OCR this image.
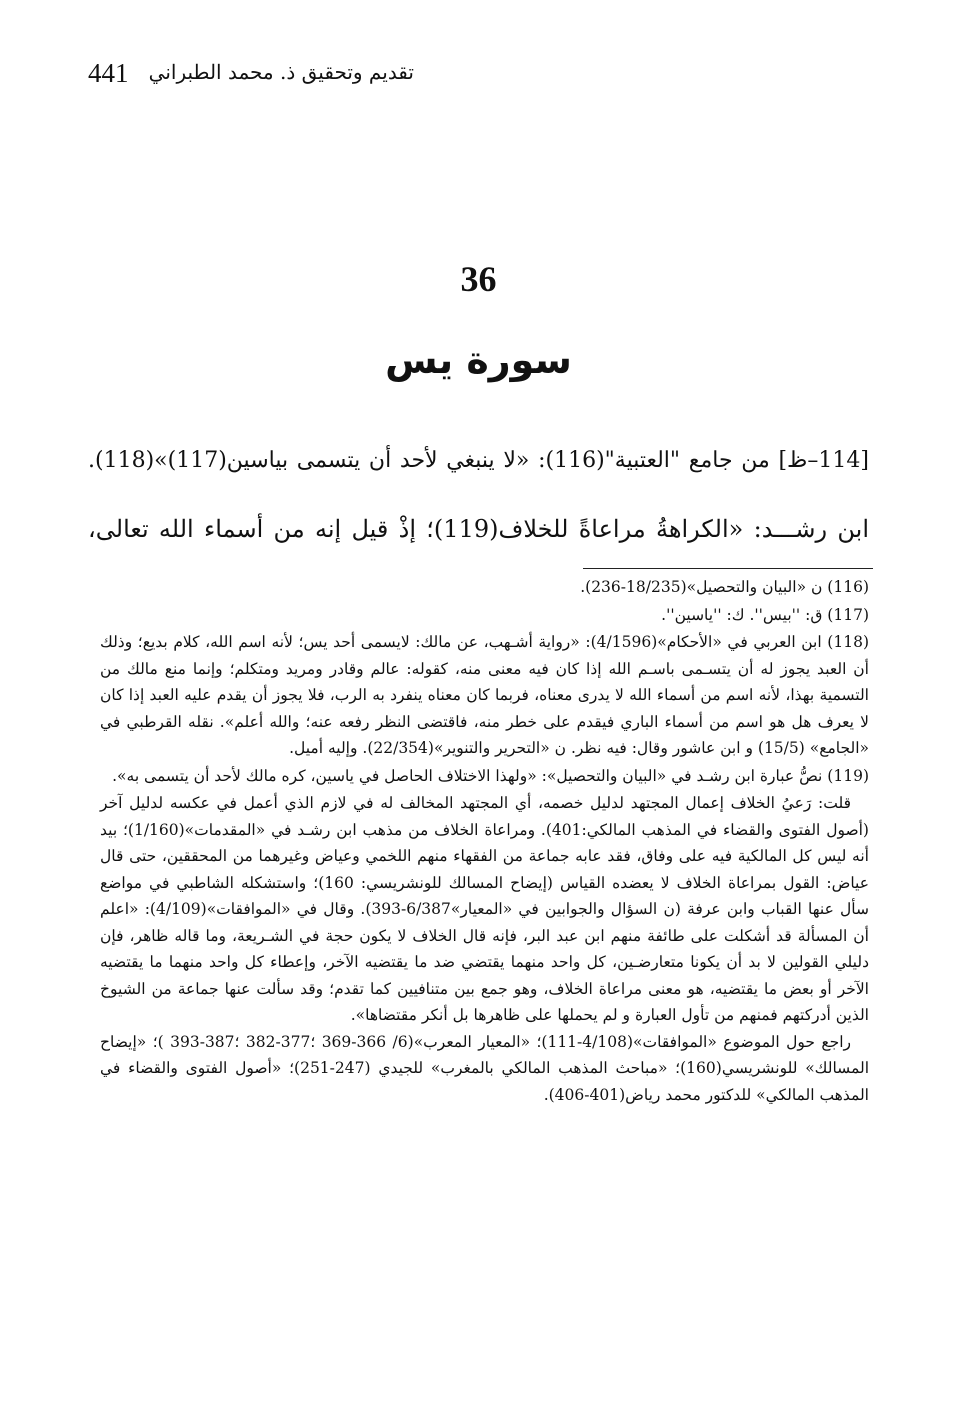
441 تقديم وتحقيق ذ. محمد الطبراني
36
سورة يس
[114–ظ] من جامع "العتبية"(116): «لا ينبغي لأحد أن يتسمى بياسين(117)»(118).
ابن رشـــد: «الكراهةُ مراعاةً للخلاف(119)؛ إذْ قيل إنه من أسماء الله تعالى،
(116) ن «البيان والتحصيل»(18/235-236).
(117) ق: ''بيس''. ك: ''ياسين''.
(118) ابن العربي في «الأحكام»(4/1596): «رواية أشـهب، عن مالك: لايسمى أحد يس؛ لأنه اسم الله، كلام بديع؛ وذلك أن العبد يجوز له أن يتسـمى باسـم الله إذا كان فيه معنى منه، كقوله: عالم وقادر ومريد ومتكلم؛ وإنما منع مالك من التسمية بهذا، لأنه اسم من أسماء الله لا يدرى معناه، فربما كان معناه ينفرد به الرب، فلا يجوز أن يقدم عليه العبد إذا كان لا يعرف هل هو اسم من أسماء الباري فيقدم على خطر منه، فاقتضى النظر رفعه عنه؛ والله أعلم». نقله القرطبي في «الجامع» (15/5) و ابن عاشور وقال: فيه نظر. ن «التحرير والتنوير»(22/354). وإليه أميل.
(119) نصُّ عبارة ابن رشـد في «البيان والتحصيل»: «ولهذا الاختلاف الحاصل في ياسين، كره مالك لأحد أن يتسمى به».

قلت: رَعيُ الخلاف إعمال المجتهد لدليل خصمه، أي المجتهد المخالف له في لازم الذي أعمل في عكسه لدليل آخر (أصول الفتوى والقضاء في المذهب المالكي:401). ومراعاة الخلاف من مذهب ابن رشـد في «المقدمات»(1/160)؛ بيد أنه ليس كل المالكية فيه على وفاق، فقد عابه جماعة من الفقهاء منهم اللخمي وعياض وغيرهما من المحققين، حتى قال عياض: القول بمراعاة الخلاف لا يعضده القياس (إيضاح المسالك للونشريسي: 160)؛ واستشكله الشاطبي في مواضع سأل عنها القباب وابن عرفة (ن السؤال والجوابين في «المعيار»6/387-393). وقال في «الموافقات»(4/109): «اعلم أن المسألة قد أشكلت على طائفة منهم ابن عبد البر، فإنه قال الخلاف لا يكون حجة في الشـريعة، وما قاله ظاهر، فإن دليلي القولين لا بد أن يكونا متعارضـين، كل واحد منهما يقتضي ضد ما يقتضيه الآخر، وإعطاء كل واحد منهما ما يقتضيه الآخر أو بعض ما يقتضيه، هو معنى مراعاة الخلاف، وهو جمع بين متنافيين كما تقدم؛ وقد سألت عنها جماعة من الشيوخ الذين أدركتهم فمنهم من تأول العبارة و لم يحملها على ظاهرها بل أنكر مقتضاها».

راجع حول الموضوع «الموافقات»(4/108-111)؛ «المعيار المعرب»(6/ 366-369 ؛377-382 ؛387-393 )؛ «إيضاح المسالك» للونشريسي(160)؛ «مباحث المذهب المالكي بالمغرب» للجيدي (247-251)؛ «أصول الفتوى والقضاء في المذهب المالكي» للدكتور محمد رياض(401-406).
